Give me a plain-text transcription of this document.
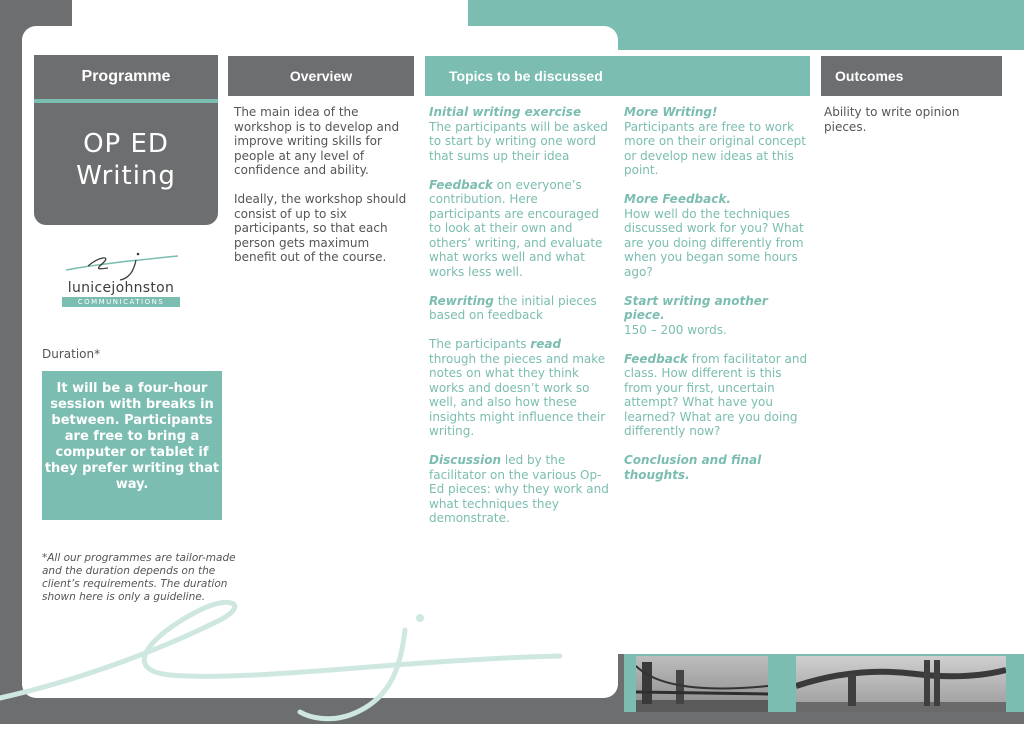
Programme
OP ED
Writing
lunicejohnston
COMMUNICATIONS
Duration*
It will be a four-hour session with breaks in between. Participants are free to bring a computer or tablet if they prefer writing that way.
*All our programmes are tailor-made and the duration depends on the client’s requirements. The duration shown here is only a guideline.
Overview
The main idea of the workshop is to develop and improve writing skills for people at any level of confidence and ability.
Ideally, the workshop should consist of up to six participants, so that each person gets maximum benefit out of the course.
Topics to be discussed

Initial writing exercise
The participants will be asked to start by writing one word that sums up their idea

Feedback on everyone’s contribution. Here participants are encouraged to look at their own and others’ writing, and evaluate what works well and what works less well.

Rewriting the initial pieces based on feedback

The participants read through the pieces and make notes on what they think works and doesn’t work so well, and also how these insights might influence their writing.

Discussion led by the facilitator on the various Op-Ed pieces: why they work and what techniques they demonstrate.

More Writing!
Participants are free to work more on their original concept or develop new ideas at this point.

More Feedback.
How well do the techniques discussed work for you? What are you doing differently from when you began some hours ago?

Start writing another piece.
150 – 200 words.

Feedback from facilitator and class. How different is this from your first, uncertain attempt? What have you learned? What are you doing differently now?

Conclusion and final thoughts.

Outcomes
Ability to write opinion pieces.
